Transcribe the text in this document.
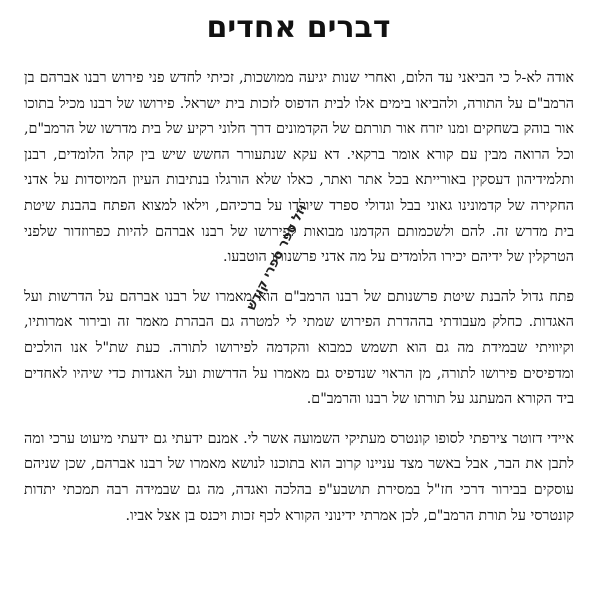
דברים אחדים

אודה לא-ל כי הביאני עד הלום, ואחרי שנות יגיעה ממושכות, זכיתי לחדש פני פירוש רבנו אברהם בן הרמב"ם על התורה, ולהביאו בימים אלו לבית הדפוס לזכות בית ישראל. פירושו של רבנו מכיל בתוכו אור בוהק בשחקים ומנו יזרח אור תורתם של הקדמונים דרך חלוני רקיע של בית מדרשו של הרמב"ם, וכל הרואה מבין עם קורא אומר ברקאי. דא עקא שנתעורר החשש שיש בין קהל הלומדים, רבנן ותלמידיהון דעסקין באורייתא בכל אתר ואתר, כאלו שלא הורגלו בנתיבות העיון המיוסדות על אדני החקירה של קדמונינו גאוני בבל וגדולי ספרד שיולדו על ברכיהם, וילאו למצוא הפתח בהבנת שיטת בית מדרש זה. להם ולשכמותם הקדמנו מבואות לפירושו של רבנו אברהם להיות כפרוזדור שלפני הטרקלין של ידיהם יכירו הלומדים על מה אדני פרשנותו הוטבעו.

פתח גדול להבנת שיטת פרשנותם של רבנו הרמב"ם הוא מאמרו של רבנו אברהם על הדרשות ועל האגדות. כחלק מעבודתי בההדרת הפירוש שמתי לי למטרה גם הבהרת מאמר זה ובירור אמרותיו, וקיוויתי שבמידת מה גם הוא תשמש כמבוא והקדמה לפירושו לתורה. כעת שת"ל אנו הולכים ומדפיסים פירושו לתורה, מן הראוי שנדפיס גם מאמרו על הדרשות ועל האגדות כדי שיהיו לאחדים ביד הקורא המעתנג על תורתו של רבנו והרמב"ם.

איידי דזוטר צירפתי לסופו קונטרס מעתיקי השמועה אשר לי. אמנם ידעתי גם ידעתי מיעוט ערכי ומה לתבן את הבר, אבל באשר מצד עניינו קרוב הוא בתוכנו לנושא מאמרו של רבנו אברהם, שכן שניהם עוסקים בבירור דרכי חז"ל במסירת תושבע"פ בהלכה ואגדה, מה גם שבמידה רבה תמכתי יתדות קונטרסי על תורת הרמב"ם, לכן אמרתי ידינוני הקורא לכף זכות ויכנס בן אצל אביו.

וזל ספר ספרי קודש
